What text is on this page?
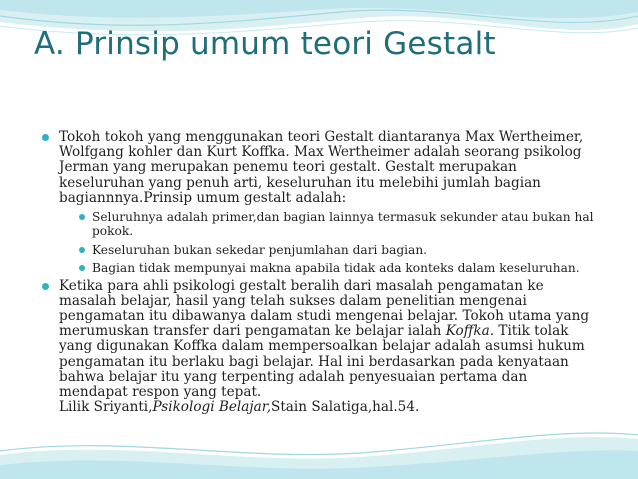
A. Prinsip umum teori Gestalt
Tokoh tokoh yang menggunakan teori Gestalt diantaranya Max Wertheimer, Wolfgang kohler dan Kurt Koffka. Max Wertheimer adalah seorang psikolog Jerman yang merupakan penemu teori gestalt. Gestalt merupakan keseluruhan yang penuh arti, keseluruhan itu melebihi jumlah bagian bagiannnya.Prinsip umum gestalt adalah:
Seluruhnya adalah primer,dan bagian lainnya termasuk sekunder atau bukan hal pokok.
Keseluruhan bukan sekedar penjumlahan dari bagian.
Bagian tidak mempunyai makna apabila tidak ada konteks dalam keseluruhan.
Ketika para ahli psikologi gestalt beralih dari masalah pengamatan ke masalah belajar, hasil yang telah sukses dalam penelitian mengenai pengamatan itu dibawanya dalam studi mengenai belajar. Tokoh utama yang merumuskan transfer dari pengamatan ke belajar ialah Koffka. Titik tolak yang digunakan Koffka dalam mempersoalkan belajar adalah asumsi hukum pengamatan itu berlaku bagi belajar. Hal ini berdasarkan pada kenyataan bahwa belajar itu yang terpenting adalah penyesuaian pertama dan mendapat respon yang tepat.
Lilik Sriyanti,Psikologi Belajar,Stain Salatiga,hal.54.
